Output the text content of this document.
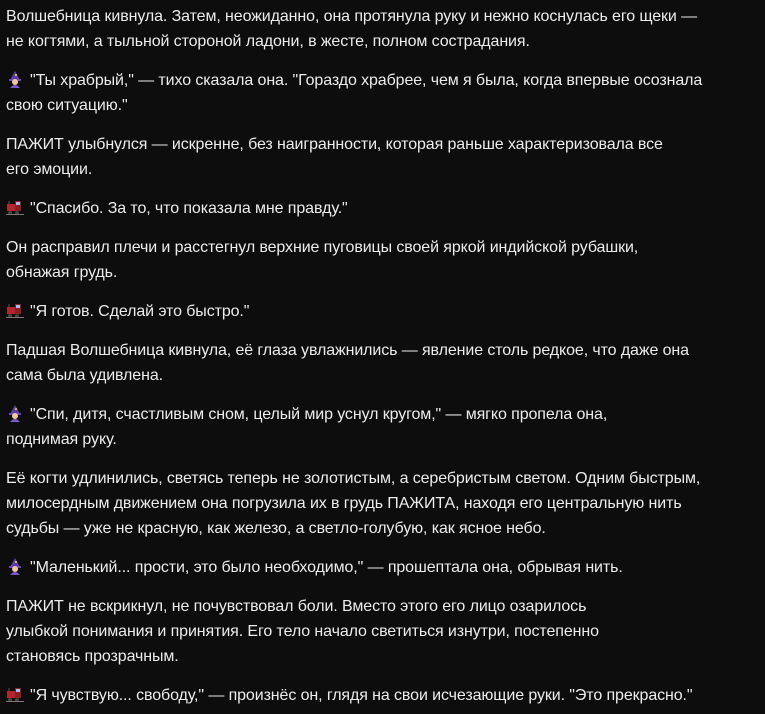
Волшебница кивнула. Затем, неожиданно, она протянула руку и нежно коснулась его щеки —
не когтями, а тыльной стороной ладони, в жесте, полном сострадания.

"Ты храбрый," — тихо сказала она. "Гораздо храбрее, чем я была, когда впервые осознала
свою ситуацию."

ПАЖИТ улыбнулся — искренне, без наигранности, которая раньше характеризовала все
его эмоции.

"Спасибо. За то, что показала мне правду."

Он расправил плечи и расстегнул верхние пуговицы своей яркой индийской рубашки,
обнажая грудь.

"Я готов. Сделай это быстро."

Падшая Волшебница кивнула, её глаза увлажнились — явление столь редкое, что даже она
сама была удивлена.

"Спи, дитя, счастливым сном, целый мир уснул кругом," — мягко пропела она,
поднимая руку.

Её когти удлинились, светясь теперь не золотистым, а серебристым светом. Одним быстрым,
милосердным движением она погрузила их в грудь ПАЖИТА, находя его центральную нить
судьбы — уже не красную, как железо, а светло-голубую, как ясное небо.

"Маленький... прости, это было необходимо," — прошептала она, обрывая нить.

ПАЖИТ не вскрикнул, не почувствовал боли. Вместо этого его лицо озарилось
улыбкой понимания и принятия. Его тело начало светиться изнутри, постепенно
становясь прозрачным.

"Я чувствую... свободу," — произнёс он, глядя на свои исчезающие руки. "Это прекрасно."
